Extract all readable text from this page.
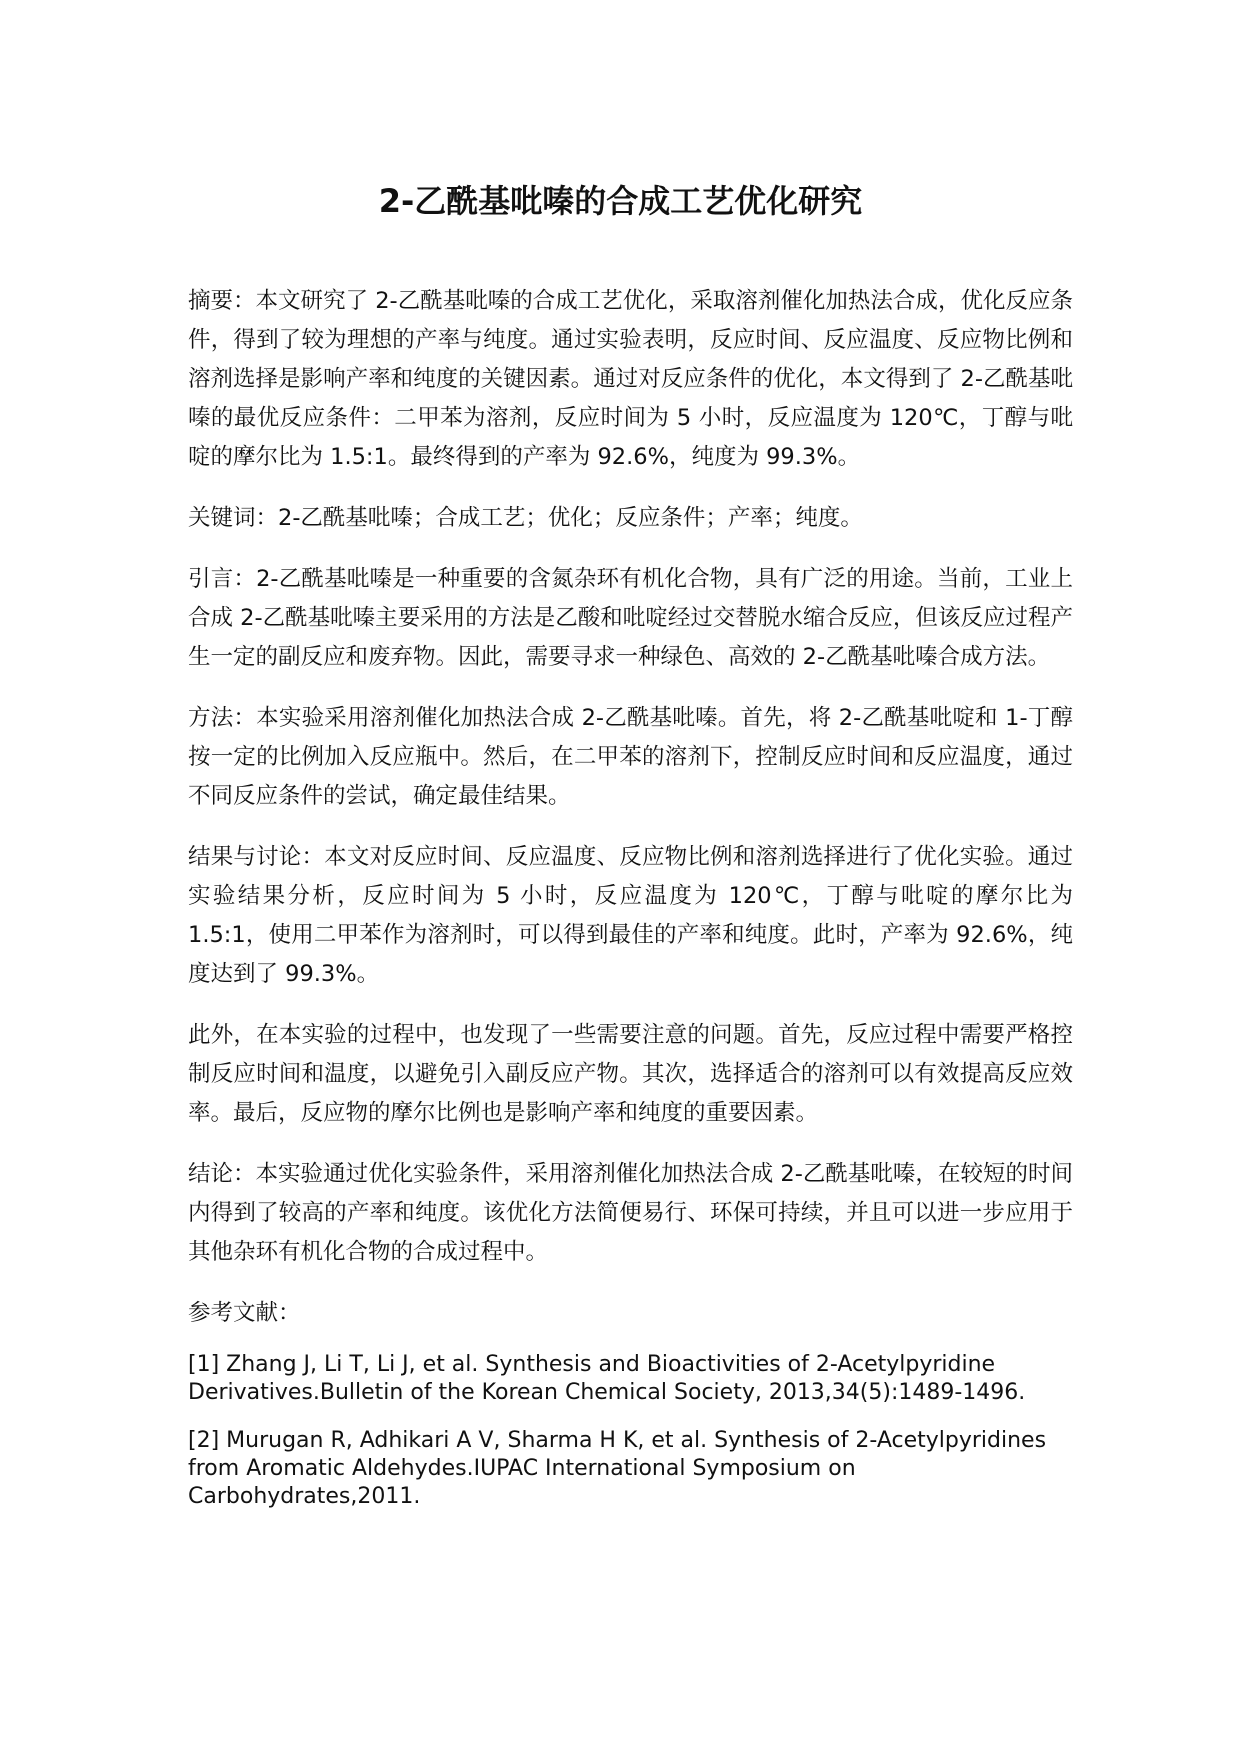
2-乙酰基吡嗪的合成工艺优化研究

摘要：本文研究了 2-乙酰基吡嗪的合成工艺优化，采取溶剂催化加热法合成，优化反应条件，得到了较为理想的产率与纯度。通过实验表明，反应时间、反应温度、反应物比例和溶剂选择是影响产率和纯度的关键因素。通过对反应条件的优化，本文得到了 2-乙酰基吡嗪的最优反应条件：二甲苯为溶剂，反应时间为 5 小时，反应温度为 120℃，丁醇与吡啶的摩尔比为 1.5:1。最终得到的产率为 92.6%，纯度为 99.3%。

关键词：2-乙酰基吡嗪；合成工艺；优化；反应条件；产率；纯度。

引言：2-乙酰基吡嗪是一种重要的含氮杂环有机化合物，具有广泛的用途。当前，工业上合成 2-乙酰基吡嗪主要采用的方法是乙酸和吡啶经过交替脱水缩合反应，但该反应过程产生一定的副反应和废弃物。因此，需要寻求一种绿色、高效的 2-乙酰基吡嗪合成方法。

方法：本实验采用溶剂催化加热法合成 2-乙酰基吡嗪。首先，将 2-乙酰基吡啶和 1-丁醇按一定的比例加入反应瓶中。然后，在二甲苯的溶剂下，控制反应时间和反应温度，通过不同反应条件的尝试，确定最佳结果。

结果与讨论：本文对反应时间、反应温度、反应物比例和溶剂选择进行了优化实验。通过实验结果分析，反应时间为 5 小时，反应温度为 120℃，丁醇与吡啶的摩尔比为 1.5:1，使用二甲苯作为溶剂时，可以得到最佳的产率和纯度。此时，产率为 92.6%，纯度达到了 99.3%。

此外，在本实验的过程中，也发现了一些需要注意的问题。首先，反应过程中需要严格控制反应时间和温度，以避免引入副反应产物。其次，选择适合的溶剂可以有效提高反应效率。最后，反应物的摩尔比例也是影响产率和纯度的重要因素。

结论：本实验通过优化实验条件，采用溶剂催化加热法合成 2-乙酰基吡嗪，在较短的时间内得到了较高的产率和纯度。该优化方法简便易行、环保可持续，并且可以进一步应用于其他杂环有机化合物的合成过程中。

参考文献：

[1] Zhang J, Li T, Li J, et al. Synthesis and Bioactivities of 2-Acetylpyridine Derivatives.Bulletin of the Korean Chemical Society, 2013,34(5):1489-1496.

[2] Murugan R, Adhikari A V, Sharma H K, et al. Synthesis of 2-Acetylpyridines from Aromatic Aldehydes.IUPAC International Symposium on Carbohydrates,2011.
